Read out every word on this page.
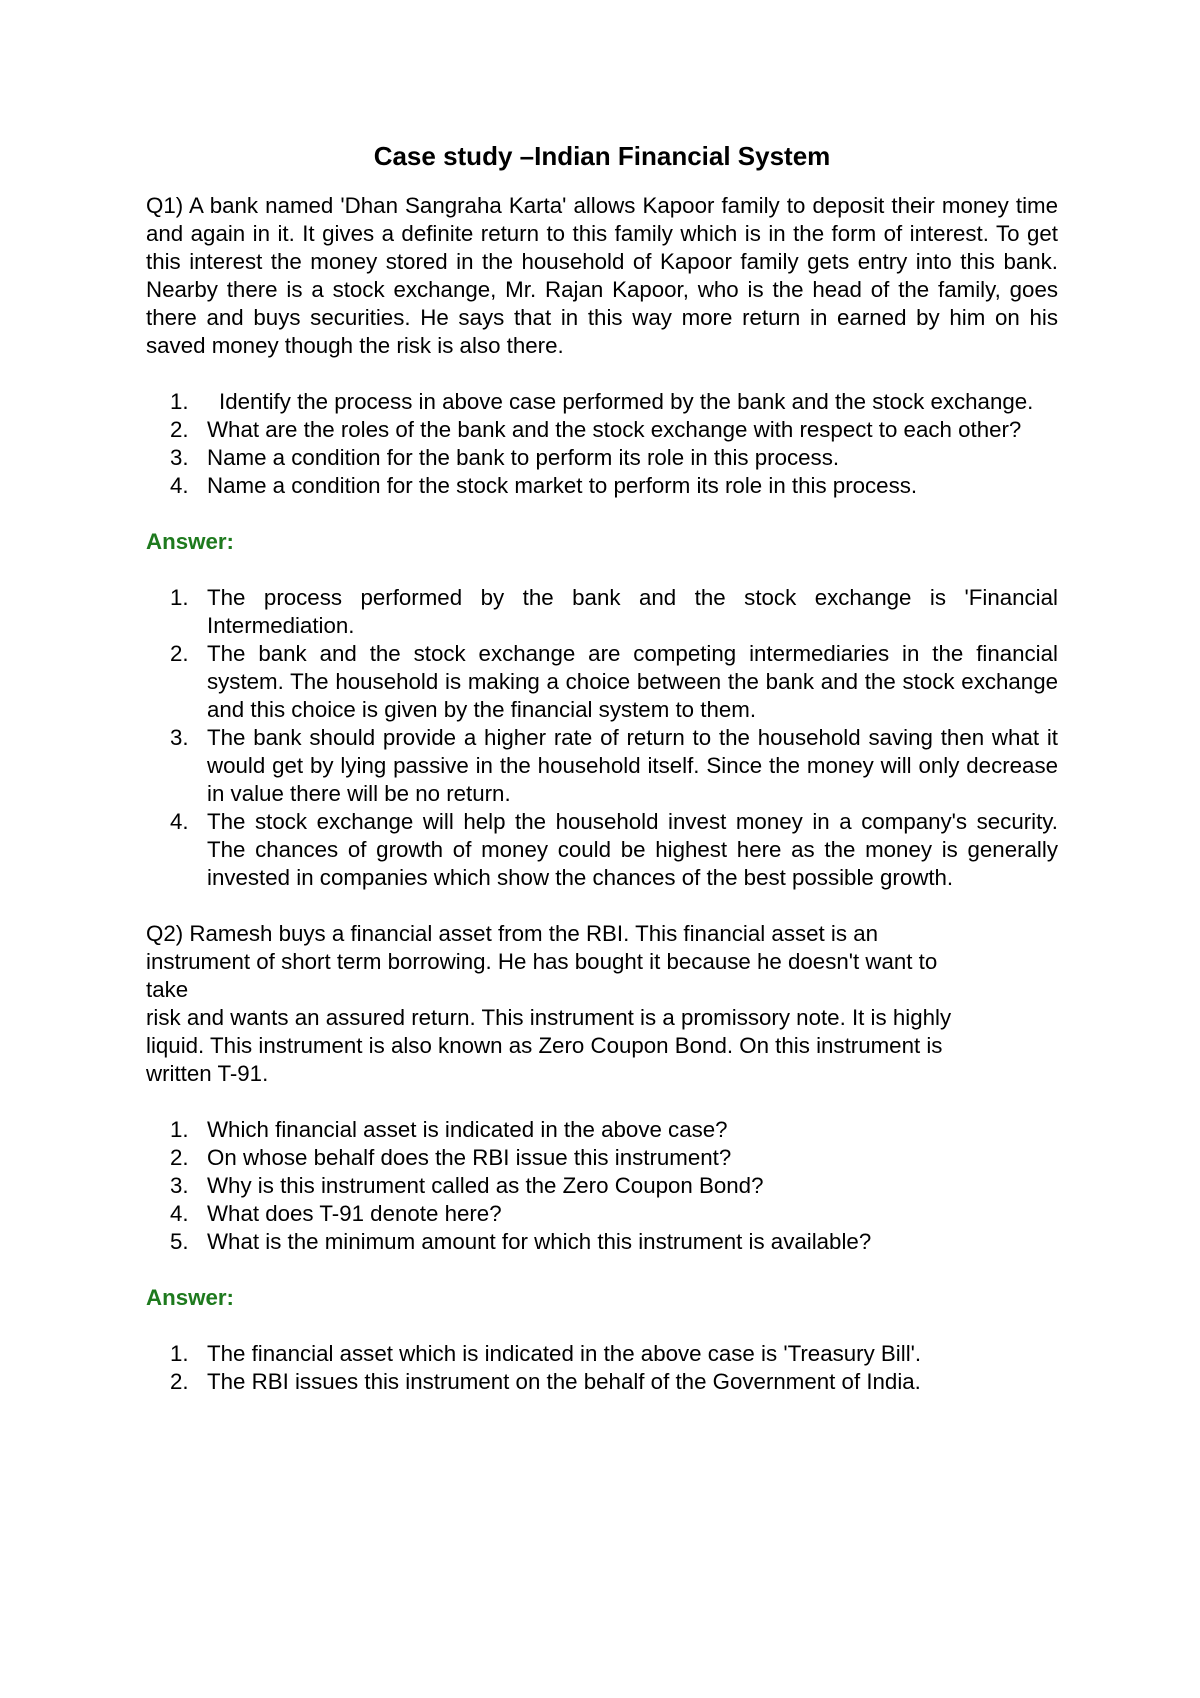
Case study –Indian Financial System

Q1) A bank named 'Dhan Sangraha Karta' allows Kapoor family to deposit their money time and again in it. It gives a definite return to this family which is in the form of interest. To get this interest the money stored in the household of Kapoor family gets entry into this bank. Nearby there is a stock exchange, Mr. Rajan Kapoor, who is the head of the family, goes there and buys securities. He says that in this way more return in earned by him on his saved money though the risk is also there.

1.	Identify the process in above case performed by the bank and the stock exchange.
2. What are the roles of the bank and the stock exchange with respect to each other?
3. Name a condition for the bank to perform its role in this process.
4. Name a condition for the stock market to perform its role in this process.

Answer:

1. The process performed by the bank and the stock exchange is 'Financial Intermediation.
2. The bank and the stock exchange are competing intermediaries in the financial system. The household is making a choice between the bank and the stock exchange and this choice is given by the financial system to them.
3. The bank should provide a higher rate of return to the household saving then what it would get by lying passive in the household itself. Since the money will only decrease in value there will be no return.
4. The stock exchange will help the household invest money in a company's security. The chances of growth of money could be highest here as the money is generally invested in companies which show the chances of the best possible growth.
Q2) Ramesh buys a financial asset from the RBI. This financial asset is an
instrument of short term borrowing. He has bought it because he doesn't want to
take
risk and wants an assured return. This instrument is a promissory note. It is highly
liquid. This instrument is also known as Zero Coupon Bond. On this instrument is
written T-91.
1. Which financial asset is indicated in the above case?
2. On whose behalf does the RBI issue this instrument?
3. Why is this instrument called as the Zero Coupon Bond?
4. What does T-91 denote here?
5. What is the minimum amount for which this instrument is available?

Answer:

1. The financial asset which is indicated in the above case is 'Treasury Bill'.
2. The RBI issues this instrument on the behalf of the Government of India.
